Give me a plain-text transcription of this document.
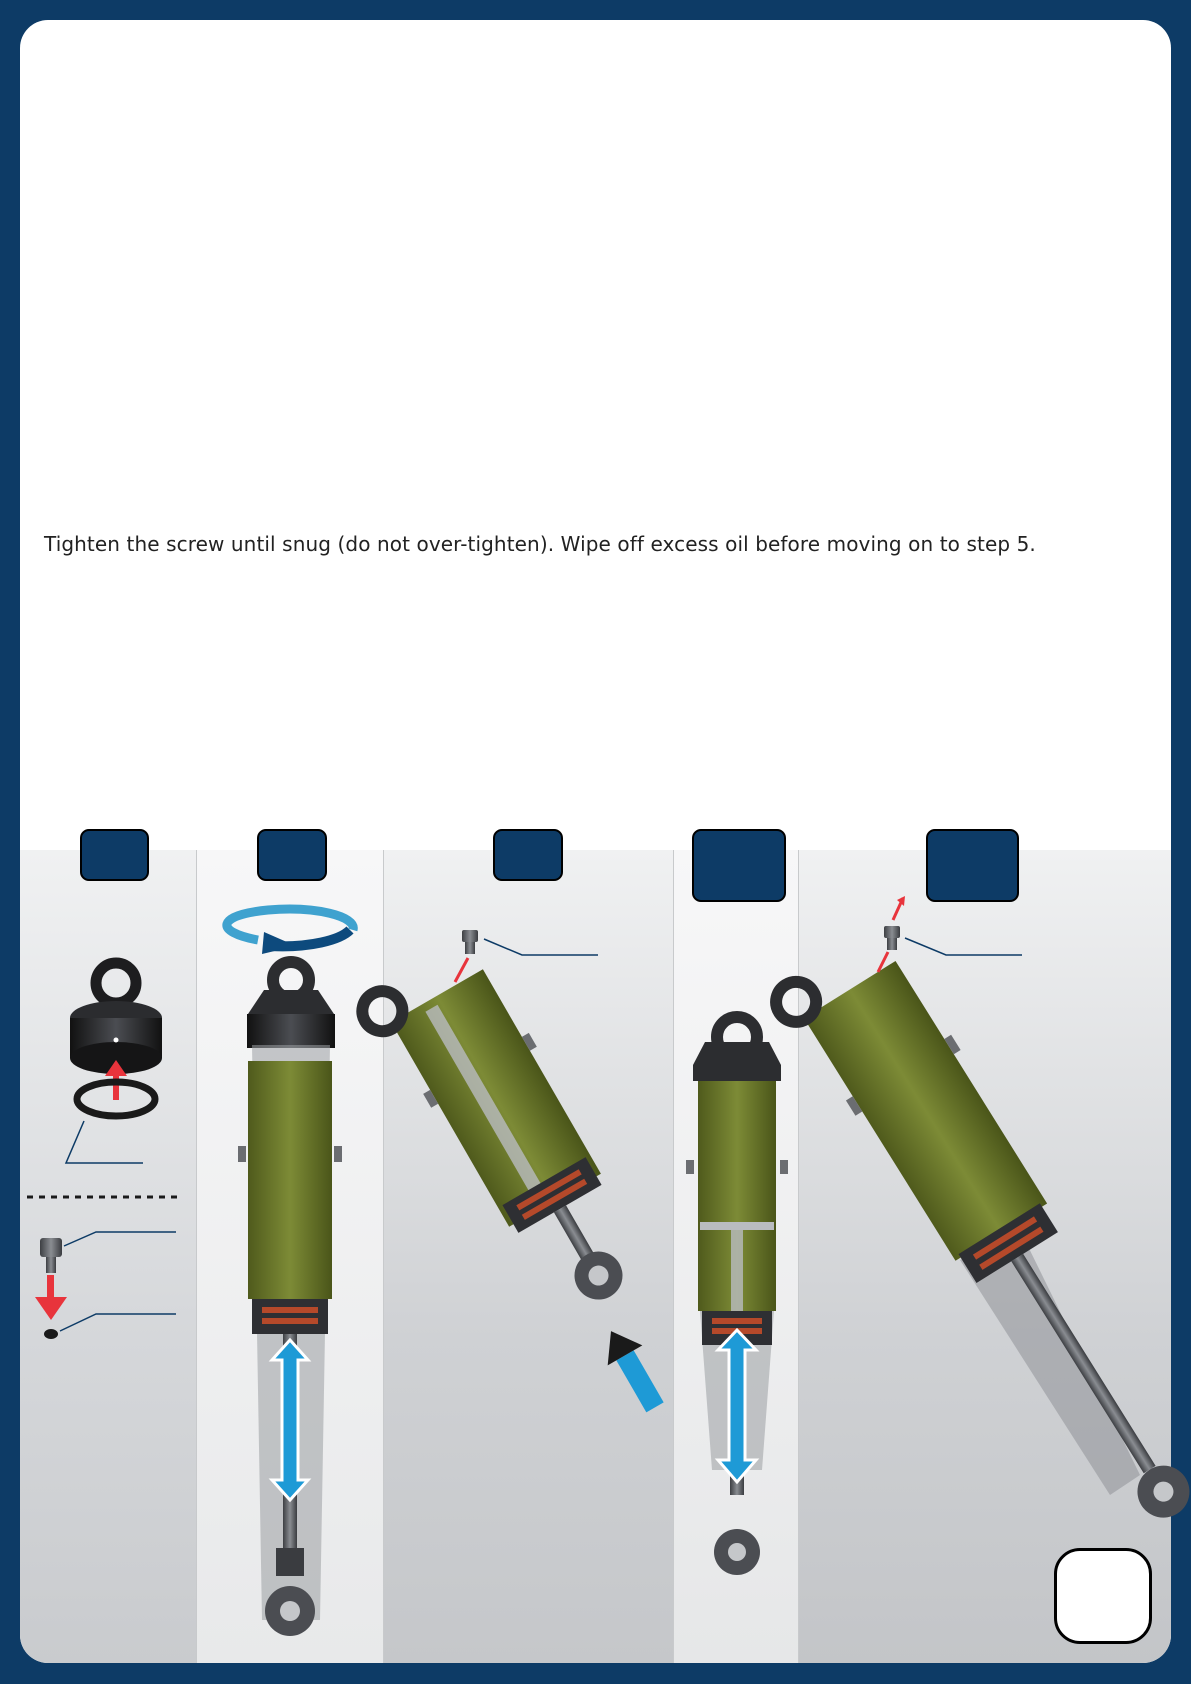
Tighten the screw until snug (do not over-tighten). Wipe off excess oil before moving on to step 5.
